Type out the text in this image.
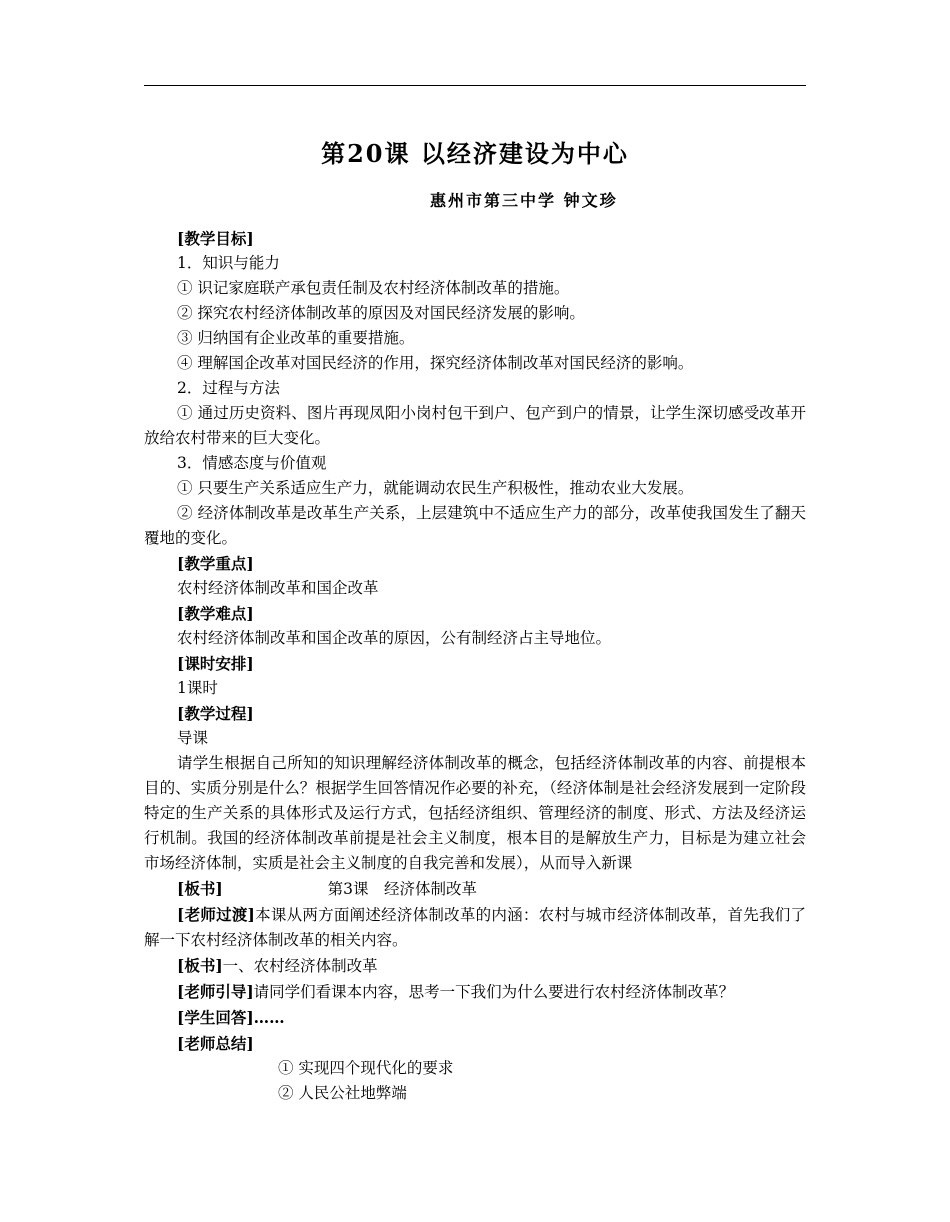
第20课 以经济建设为中心
惠州市第三中学 钟文珍

[教学目标]

1．知识与能力

① 识记家庭联产承包责任制及农村经济体制改革的措施。

② 探究农村经济体制改革的原因及对国民经济发展的影响。

③ 归纳国有企业改革的重要措施。

④ 理解国企改革对国民经济的作用，探究经济体制改革对国民经济的影响。

2．过程与方法

① 通过历史资料、图片再现凤阳小岗村包干到户、包产到户的情景，让学生深切感受改革开放给农村带来的巨大变化。

3．情感态度与价值观

① 只要生产关系适应生产力，就能调动农民生产积极性，推动农业大发展。

② 经济体制改革是改革生产关系，上层建筑中不适应生产力的部分，改革使我国发生了翻天覆地的变化。

[教学重点]

农村经济体制改革和国企改革

[教学难点]

农村经济体制改革和国企改革的原因，公有制经济占主导地位。

[课时安排]

1课时

[教学过程]

导课

请学生根据自己所知的知识理解经济体制改革的概念，包括经济体制改革的内容、前提根本目的、实质分别是什么？根据学生回答情况作必要的补充，（经济体制是社会经济发展到一定阶段特定的生产关系的具体形式及运行方式，包括经济组织、管理经济的制度、形式、方法及经济运行机制。我国的经济体制改革前提是社会主义制度，根本目的是解放生产力，目标是为建立社会市场经济体制，实质是社会主义制度的自我完善和发展），从而导入新课

[板书]	第3课　经济体制改革

[老师过渡]本课从两方面阐述经济体制改革的内涵：农村与城市经济体制改革，首先我们了解一下农村经济体制改革的相关内容。

[板书]一、农村经济体制改革

[老师引导]请同学们看课本内容，思考一下我们为什么要进行农村经济体制改革？

[学生回答]……

[老师总结]

① 实现四个现代化的要求

② 人民公社地弊端
